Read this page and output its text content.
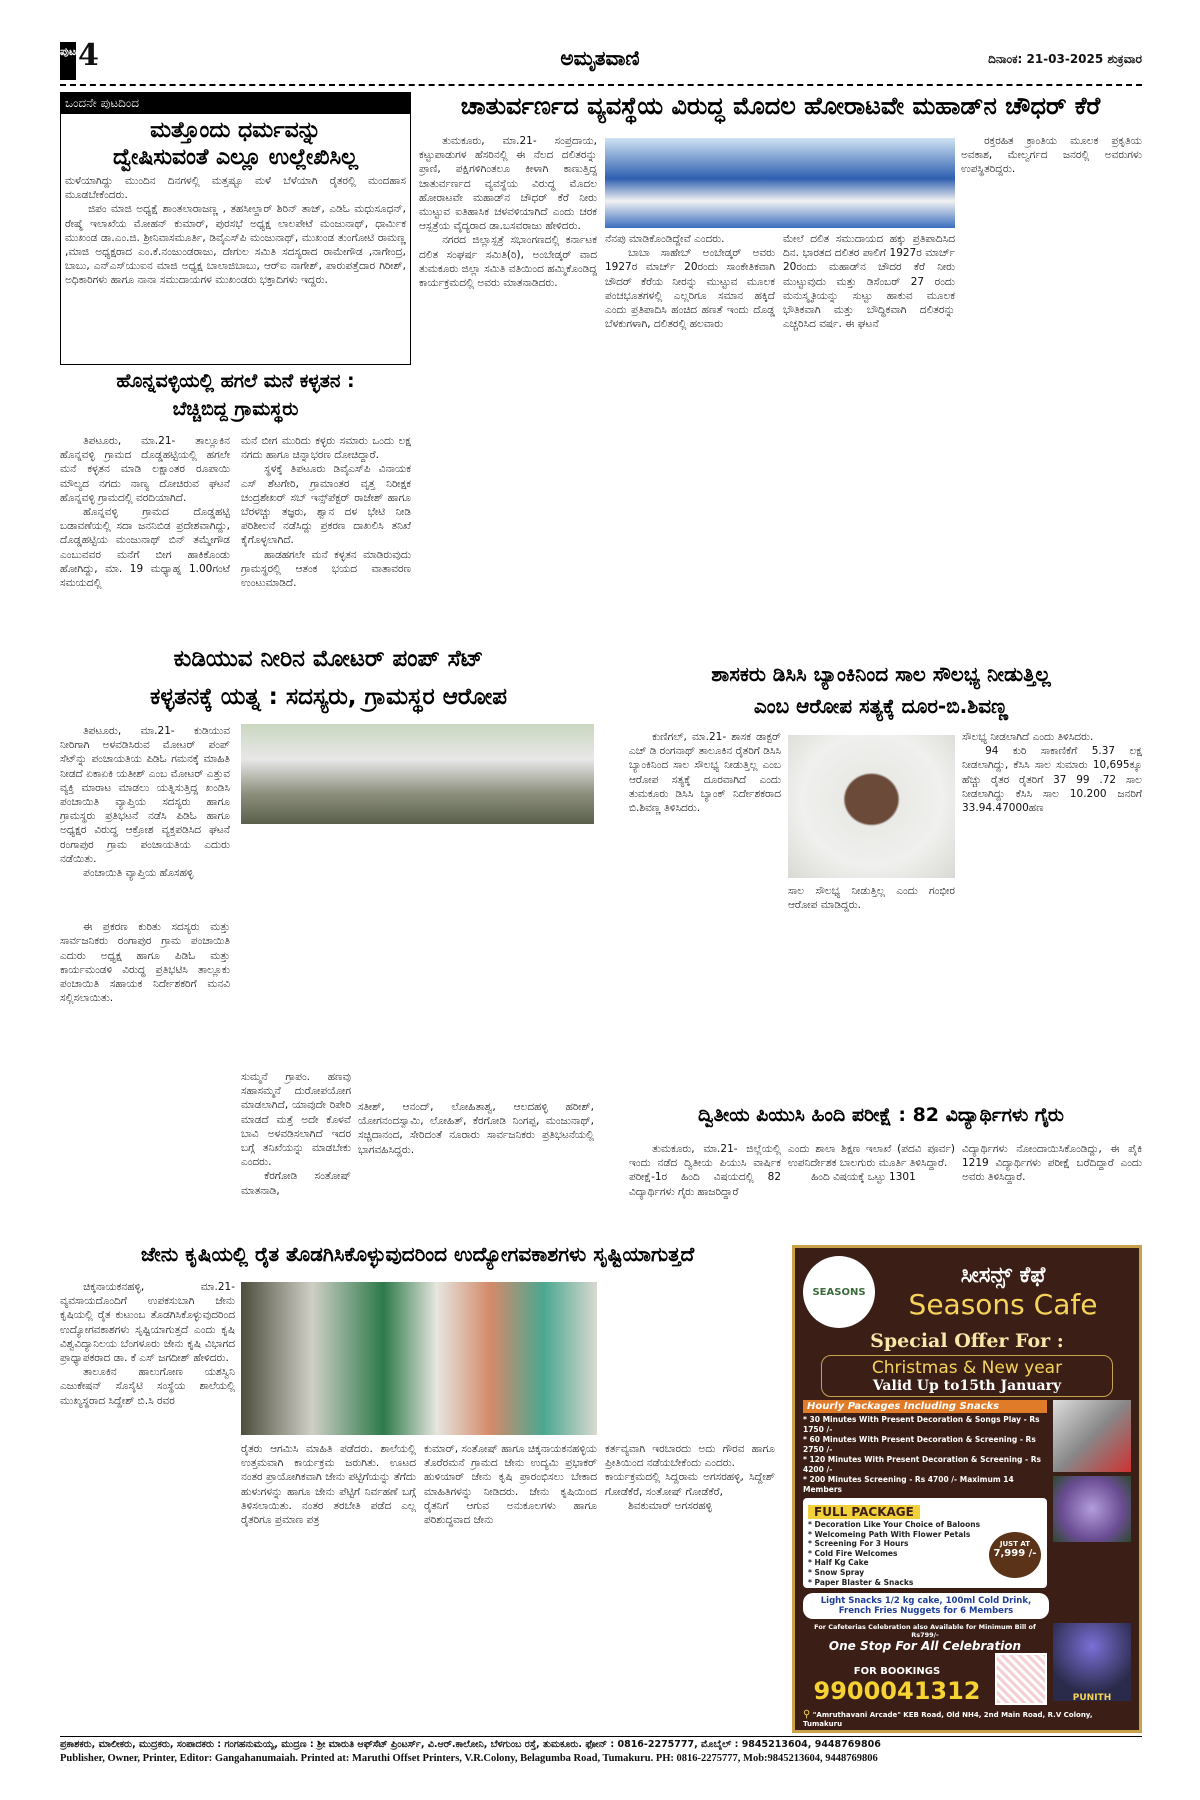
ಪುಟ 4	ಅಮೃತವಾಣಿ	ದಿನಾಂಕ: 21-03-2025 ಶುಕ್ರವಾರ
ಒಂದನೇ ಪುಟದಿಂದ
ಮತ್ತೊಂದು ಧರ್ಮವನ್ನು
ದ್ವೇಷಿಸುವಂತೆ ಎಲ್ಲೂ ಉಲ್ಲೇಖಿಸಿಲ್ಲ

ಮಳೆಯಾಗಿದ್ದು ಮುಂದಿನ ದಿನಗಳಲ್ಲಿ ಮತ್ತಷ್ಟೂ ಮಳೆ ಬೆಳೆಯಾಗಿ ರೈತರಲ್ಲಿ ಮಂದಹಾಸ ಮೂಡಬೇಕೆಂದರು.

ಜಿಪಂ ಮಾಜಿ ಅಧ್ಯಕ್ಷೆ ಶಾಂತಲಾರಾಜಣ್ಣ , ತಹಸೀಲ್ದಾರ್ ಶಿರಿನ್ ತಾಜ್, ಎಡಿಓ ಮಧುಸೂಧನ್, ರೇಷ್ಮೆ ಇಲಾಖೆಯ ಮೋಹನ್ ಕುಮಾರ್, ಪುರಸಭೆ ಅಧ್ಯಕ್ಷ ಲಾಲಪೇಟೆ ಮಂಜುನಾಥ್, ಧಾರ್ಮಿಕ ಮುಖಂಡ ಡಾ.ಎಂ.ಜಿ. ಶ್ರೀನಿವಾಸಮೂರ್ತಿ, ಡಿವೈಎಸ್‌ಪಿ ಮಂಜುನಾಥ್, ಮುಖಂಡ ತುಂಗೋಟಿ ರಾಮಣ್ಣ ,ಮಾಜಿ ಅಧ್ಯಕ್ಷರಾದ ಎಂ.ಕೆ.ನಂಜುಂಡರಾಜು, ದೇಗುಲ ಸಮಿತಿ ಸದಸ್ಯರಾದ ರಾಮೇಗೌಡ ,ನಾಗೇಂದ್ರ, ಬಾಬು, ಎನ್‌ಎಸ್‌ಯುಐನ ಮಾಜಿ ಅಧ್ಯಕ್ಷ ಬಾಲಾಜಿಬಾಬು, ಆರ್‌ಐ ನಾಗೇಶ್, ಪಾರುಪತ್ತೆದಾರ ಗಿರೀಶ್, ಅಧಿಕಾರಿಗಳು ಹಾಗೂ ನಾನಾ ಸಮುದಾಯಗಳ ಮುಖಂಡರು ಭಕ್ತಾದಿಗಳು ಇದ್ದರು.

ಚಾತುರ್ವರ್ಣದ ವ್ಯವಸ್ಥೆಯ ವಿರುದ್ಧ ಮೊದಲ ಹೋರಾಟವೇ ಮಹಾಡ್‌ನ ಚೌಧರ್ ಕೆರೆ

ತುಮಕೂರು, ಮಾ.21- ಸಂಪ್ರದಾಯ, ಕಟ್ಟುಪಾಡುಗಳ ಹೆಸರಿನಲ್ಲಿ ಈ ನೆಲದ ದಲಿತರನ್ನು ಪ್ರಾಣಿ, ಪಕ್ಷಿಗಳಿಗಿಂತಲೂ ಕೀಳಾಗಿ ಕಾಣುತ್ತಿದ್ದ ಚಾತುರ್ವರ್ಣದ ವ್ಯವಸ್ಥೆಯ ವಿರುದ್ಧ ಮೊದಲ ಹೋರಾಟವೇ ಮಹಾಡ್‌ನ ಚೌಧರ್ ಕೆರೆ ನೀರು ಮುಟ್ಟುವ ಐತಿಹಾಸಿಕ ಚಳವಳಿಯಾಗಿದೆ ಎಂದು ಚರಕ ಆಸ್ಪತ್ರೆಯ ವೈದ್ಯರಾದ ಡಾ.ಬಸವರಾಜು ಹೇಳಿದರು.

ನಗರದ ಜಿಲ್ಲಾಸ್ಪತ್ರೆ ಸಭಾಂಗಣದಲ್ಲಿ ಕರ್ನಾಟಕ ದಲಿತ ಸಂಘರ್ಷ ಸಮಿತಿ(ರಿ), ಅಂಬೇಡ್ಕರ್ ವಾದ ತುಮಕೂರು ಜಿಲ್ಲಾ ಸಮಿತಿ ವತಿಯಿಂದ ಹಮ್ಮಿಕೊಂಡಿದ್ದ ಕಾರ್ಯಕ್ರಮದಲ್ಲಿ ಅವರು ಮಾತನಾಡಿದರು.

ನೆನಪು ಮಾಡಿಕೊಂಡಿದ್ದೇವೆ ಎಂದರು.

ಬಾಬಾ ಸಾಹೇಬ್ ಅಂಬೇಡ್ಕರ್ ಅವರು 1927ರ ಮಾರ್ಚ್ 20ರಂದು ಸಾಂಕೇತಿಕವಾಗಿ ಚೌದರ್ ಕೆರೆಯ ನೀರನ್ನು ಮುಟ್ಟುವ ಮೂಲಕ ಪಂಚಭೂತಗಳಲ್ಲಿ ಎಲ್ಲರಿಗೂ ಸಮಾನ ಹಕ್ಕಿದೆ ಎಂದು ಪ್ರತಿಪಾದಿಸಿ ಹಂಚಿದ ಹಣತೆ ಇಂದು ದೊಡ್ಡ ಬೆಳಕುಗಳಾಗಿ, ದಲಿತರಲ್ಲಿ ಹಲವಾರು

ಮೇಲೆ ದಲಿತ ಸಮುದಾಯದ ಹಕ್ಕು ಪ್ರತಿಪಾದಿಸಿದ ದಿನ. ಭಾರತದ ದಲಿತರ ಪಾಲಿಗೆ 1927ರ ಮಾರ್ಚ್ 20ರಂದು ಮಹಾಡ್‌ನ ಚೌದರ ಕೆರೆ ನೀರು ಮುಟ್ಟುವುದು ಮತ್ತು ಡಿಸೆಂಬರ್ 27 ರಂದು ಮನುಸ್ಮೃತಿಯನ್ನು ಸುಟ್ಟು ಹಾಕುವ ಮೂಲಕ ಭೌತಿಕವಾಗಿ ಮತ್ತು ಬೌದ್ಧಿಕವಾಗಿ ದಲಿತರನ್ನು ಎಚ್ಚರಿಸಿದ ವರ್ಷ. ಈ ಘಟನೆ

ರಕ್ತರಹಿತ ಕ್ರಾಂತಿಯ ಮೂಲಕ ಪ್ರಕೃತಿಯ ಅವಕಾಶ, ಮೇಲ್ವರ್ಗದ ಜನರಲ್ಲಿ ಅವರುಗಳು ಉಪಸ್ಥಿತರಿದ್ದರು.

ಹೊನ್ನವಳ್ಳಿಯಲ್ಲಿ ಹಗಲೆ ಮನೆ ಕಳ್ಳತನ :
ಬೆಚ್ಚಿಬಿದ್ದ ಗ್ರಾಮಸ್ಥರು

ತಿಪಟೂರು, ಮಾ.21- ತಾಲ್ಲೂಕಿನ ಹೊನ್ನವಳ್ಳಿ ಗ್ರಾಮದ ದೊಡ್ಡಹಟ್ಟಿಯಲ್ಲಿ ಹಗಲೇ ಮನೆ ಕಳ್ಳತನ ಮಾಡಿ ಲಕ್ಷಾಂತರ ರೂಪಾಯಿ ಮೌಲ್ಯದ ನಗದು ನಾಣ್ಯ ದೋಚಿರುವ ಘಟನೆ ಹೊನ್ನವಳ್ಳಿ ಗ್ರಾಮದಲ್ಲಿ ವರದಿಯಾಗಿದೆ.

ಹೊನ್ನವಳ್ಳಿ ಗ್ರಾಮದ ದೊಡ್ಡಹಟ್ಟಿ ಬಡಾವಣೆಯಲ್ಲಿ ಸದಾ ಜನನಿಬಿಡ ಪ್ರದೇಶವಾಗಿದ್ದು, ದೊಡ್ಡಹಟ್ಟಿಯ ಮಂಜುನಾಥ್ ಬಿನ್ ತಮ್ಮೇಗೌಡ ಎಂಬುವವರ ಮನೆಗೆ ಬೀಗ ಹಾಕಿಕೊಂಡು ಹೋಗಿದ್ದು, ಮಾ. 19 ಮಧ್ಯಾಹ್ನ 1.00ಗಂಟೆ ಸಮಯದಲ್ಲಿ

ಮನೆ ಬೀಗ ಮುರಿದು ಕಳ್ಳರು ಸಮಾರು ಒಂದು ಲಕ್ಷ ನಗದು ಹಾಗೂ ಚಿನ್ನಾಭರಣ ದೋಚಿದ್ದಾರೆ.

ಸ್ಥಳಕ್ಕೆ ತಿಪಟೂರು ಡಿವೈಎಸ್‌ಪಿ ವಿನಾಯಕ ಎಸ್ ಶೆಟಗೇರಿ, ಗ್ರಾಮಾಂತರ ವೃತ್ತ ನಿರೀಕ್ಷಕ ಚಂದ್ರಶೇಖರ್ ಸಬ್ ಇನ್ಸ್‌ಪೆಕ್ಟರ್ ರಾಜೇಶ್ ಹಾಗೂ ಬೆರಳಚ್ಚು ತಜ್ಞರು, ಶ್ವಾನ ದಳ ಭೇಟಿ ನೀಡಿ ಪರಿಶೀಲನೆ ನಡೆಸಿದ್ದು ಪ್ರಕರಣ ದಾಖಲಿಸಿ ತನಿಖೆ ಕೈಗೊಳ್ಳಲಾಗಿದೆ.

ಹಾಡಹಗಲೇ ಮನೆ ಕಳ್ಳತನ ಮಾಡಿರುವುದು ಗ್ರಾಮಸ್ಥರಲ್ಲಿ ಆತಂಕ ಭಯದ ವಾತಾವರಣ ಉಂಟುಮಾಡಿದೆ.

ಕುಡಿಯುವ ನೀರಿನ ಮೋಟರ್ ಪಂಪ್ ಸೆಟ್
ಕಳ್ಳತನಕ್ಕೆ ಯತ್ನ : ಸದಸ್ಯರು, ಗ್ರಾಮಸ್ಥರ ಆರೋಪ

ತಿಪಟೂರು, ಮಾ.21- ಕುಡಿಯುವ ನೀರಿಗಾಗಿ ಅಳವಡಿಸಿರುವ ಮೋಟರ್ ಪಂಪ್ ಸೆಟ್‌ನ್ನು ಪಂಚಾಯತಿಯ ಪಿಡಿಓ ಗಮನಕ್ಕೆ ಮಾಹಿತಿ ನೀಡದೆ ಏಕಾಏಕಿ ಯತೀಶ್ ಎಂಬ ಮೋಟರ್ ಎತ್ತುವ ವ್ಯಕ್ತಿ ಮಾರಾಟ ಮಾಡಲು ಯತ್ನಿಸುತ್ತಿದ್ದ ಖಂಡಿಸಿ ಪಂಚಾಯಿತಿ ವ್ಯಾಪ್ತಿಯ ಸದಸ್ಯರು ಹಾಗೂ ಗ್ರಾಮಸ್ಥರು ಪ್ರತಿಭಟನೆ ನಡೆಸಿ ಪಿಡಿಓ ಹಾಗೂ ಅಧ್ಯಕ್ಷರ ವಿರುದ್ಧ ಆಕ್ರೋಶ ವ್ಯಕ್ತಪಡಿಸಿದ ಘಟನೆ ರಂಗಾಪುರ ಗ್ರಾಮ ಪಂಚಾಯತಿಯ ಎದುರು ನಡೆಯಿತು.

ಪಂಚಾಯಿತಿ ವ್ಯಾಪ್ತಿಯ ಹೊಸಹಳ್ಳಿ

ಈ ಪ್ರಕರಣ ಕುರಿತು ಸದಸ್ಯರು ಮತ್ತು ಸಾರ್ವಜನಿಕರು ರಂಗಾಪುರ ಗ್ರಾಮ ಪಂಚಾಯಿತಿ ಎದುರು ಅಧ್ಯಕ್ಷ ಹಾಗೂ ಪಿಡಿಓ ಮತ್ತು ಕಾರ್ಯಮಂಡಳಿ ವಿರುದ್ಧ ಪ್ರತಿಭಟಿಸಿ ತಾಲ್ಲೂಕು ಪಂಚಾಯಿತಿ ಸಹಾಯಕ ನಿರ್ದೇಶಕರಿಗೆ ಮನವಿ ಸಲ್ಲಿಸಲಾಯಿತು.

ಸುಮ್ಮನೆ ಗ್ರಾಪಂ. ಹಣವು ಸಹಾಸಮ್ಮನೆ ದುರೋಪಯೋಗ ಮಾಡಲಾಗಿದೆ, ಯಾವುದೇ ರಿಪೇರಿ ಮಾಡದೆ ಮತ್ತೆ ಅದೇ ಕೊಳವೆ ಬಾವಿ ಅಳವಡಿಸಲಾಗಿದೆ ಇದರ ಬಗ್ಗೆ ತನಿಖೆಯನ್ನು ಮಾಡಬೇಕು ಎಂದರು.

ಕೆರಗೋಡಿ ಸಂತೋಷ್ ಮಾತನಾಡಿ,

ಸತೀಶ್, ಆನಂದ್, ಲೋಹಿತಾಶ್ವ, ಆಲದಹಳ್ಳಿ ಹರೀಶ್, ಯೋಗನಂದಸ್ವಾಮಿ, ಲೋಹಿತ್, ಕೆರಗೋಡಿ ನಿಂಗಪ್ಪ, ಮಂಜುನಾಥ್, ಸಚ್ಚಿದಾನಂದ, ಸೇರಿದಂತೆ ನೂರಾರು ಸಾರ್ವಜನಿಕರು ಪ್ರತಿಭಟನೆಯಲ್ಲಿ ಭಾಗವಹಿಸಿದ್ದರು.

ಶಾಸಕರು ಡಿಸಿಸಿ ಬ್ಯಾಂಕಿನಿಂದ ಸಾಲ ಸೌಲಭ್ಯ ನೀಡುತ್ತಿಲ್ಲ
ಎಂಬ ಆರೋಪ ಸತ್ಯಕ್ಕೆ ದೂರ-ಬಿ.ಶಿವಣ್ಣ

ಕುಣಿಗಲ್, ಮಾ.21- ಶಾಸಕ ಡಾಕ್ಟರ್ ಎಚ್ ಡಿ ರಂಗನಾಥ್ ತಾಲೂಕಿನ ರೈತರಿಗೆ ಡಿಸಿಸಿ ಬ್ಯಾಂಕಿನಿಂದ ಸಾಲ ಸೌಲಭ್ಯ ನೀಡುತ್ತಿಲ್ಲ ಎಂಬ ಆರೋಪ ಸತ್ಯಕ್ಕೆ ದೂರವಾಗಿದೆ ಎಂದು ತುಮಕೂರು ಡಿಸಿಸಿ ಬ್ಯಾಂಕ್ ನಿರ್ದೇಶಕರಾದ ಬಿ.ಶಿವಣ್ಣ ತಿಳಿಸಿದರು.

ಸಾಲ ಸೌಲಭ್ಯ ನೀಡುತ್ತಿಲ್ಲ ಎಂದು ಗಂಭೀರ ಆರೋಪ ಮಾಡಿದ್ದರು.

ಸೌಲಭ್ಯ ನೀಡಲಾಗಿದೆ ಎಂದು ತಿಳಿಸಿದರು.

94 ಕುರಿ ಸಾಕಾಣಿಕೆಗೆ 5.37 ಲಕ್ಷ ನೀಡಲಾಗಿದ್ದು, ಕೆಸಿಸಿ ಸಾಲ ಸುಮಾರು 10,695ಕ್ಕೂ ಹೆಚ್ಚು ರೈತರ ರೈತರಿಗೆ 37 99 .72 ಸಾಲ ನೀಡಲಾಗಿದ್ದು ಕೆಸಿಸಿ ಸಾಲ 10.200 ಜನರಿಗೆ 33.94.47000ಹಣ

ದ್ವಿತೀಯ ಪಿಯುಸಿ ಹಿಂದಿ ಪರೀಕ್ಷೆ : 82 ವಿದ್ಯಾರ್ಥಿಗಳು ಗೈರು

ತುಮಕೂರು, ಮಾ.21- ಜಿಲ್ಲೆಯಲ್ಲಿ ಇಂದು ನಡೆದ ದ್ವಿತೀಯ ಪಿಯುಸಿ ವಾರ್ಷಿಕ ಪರೀಕ್ಷೆ-1ರ ಹಿಂದಿ ವಿಷಯದಲ್ಲಿ 82 ವಿದ್ಯಾರ್ಥಿಗಳು ಗೈರು ಹಾಜರಿದ್ದಾರೆ

ಎಂದು ಶಾಲಾ ಶಿಕ್ಷಣ ಇಲಾಖೆ (ಪದವಿ ಪೂರ್ವ) ಉಪನಿರ್ದೇಶಕ ಬಾಲಗುರು ಮೂರ್ತಿ ತಿಳಿಸಿದ್ದಾರೆ.

ಹಿಂದಿ ವಿಷಯಕ್ಕೆ ಒಟ್ಟು 1301

ವಿದ್ಯಾರ್ಥಿಗಳು ನೋಂದಾಯಿಸಿಕೊಂಡಿದ್ದು, ಈ ಪೈಕಿ 1219 ವಿದ್ಯಾರ್ಥಿಗಳು ಪರೀಕ್ಷೆ ಬರೆದಿದ್ದಾರೆ ಎಂದು ಅವರು ತಿಳಿಸಿದ್ದಾರೆ.

ಜೇನು ಕೃಷಿಯಲ್ಲಿ ರೈತ ತೊಡಗಿಸಿಕೊಳ್ಳುವುದರಿಂದ ಉದ್ಯೋಗವಕಾಶಗಳು ಸೃಷ್ಟಿಯಾಗುತ್ತದೆ

ಚಿಕ್ಕನಾಯಕನಹಳ್ಳಿ, ಮಾ.21- ವ್ಯವಸಾಯದೊಂದಿಗೆ ಉಪಕಸುಬಾಗಿ ಜೇನು ಕೃಷಿಯಲ್ಲಿ ರೈತ ಕುಟುಂಬ ತೊಡಗಿಸಿಕೊಳ್ಳುವುದರಿಂದ ಉದ್ಯೋಗವಕಾಶಗಳು ಸೃಷ್ಟಿಯಾಗುತ್ತದೆ ಎಂದು ಕೃಷಿ ವಿಶ್ವವಿದ್ಯಾನಿಲಯ ಬೆಂಗಳೂರು ಜೇನು ಕೃಷಿ ವಿಭಾಗದ ಪ್ರಾಧ್ಯಾಪಕರಾದ ಡಾ. ಕೆ ಎಸ್ ಜಗದೀಶ್ ಹೇಳಿದರು.

ತಾಲೂಕಿನ ಹಾಲುಗೋಣ ಯಶಸ್ವಿನಿ ಎಜುಕೇಷನ್ ಸೊಸೈಟಿ ಸಂಸ್ಥೆಯ ಶಾಲೆಯಲ್ಲಿ ಮುಖ್ಯಸ್ಥರಾದ ಸಿದ್ದೇಶ್ ಬಿ.ಸಿ ರವರ

ರೈತರು ಆಗಮಿಸಿ ಮಾಹಿತಿ ಪಡೆದರು. ಶಾಲೆಯಲ್ಲಿ ಉತ್ತಮವಾಗಿ ಕಾರ್ಯಕ್ರಮ ಜರುಗಿತು. ಊಟದ ನಂತರ ಪ್ರಾಯೋಗಿಕವಾಗಿ ಜೇನು ಪಟ್ಟಿಗೆಯನ್ನು ತೆಗೆದು ಹುಳುಗಳನ್ನು ಹಾಗೂ ಜೇನು ಪೆಟ್ಟಿಗೆ ನಿರ್ವಹಣೆ ಬಗ್ಗೆ ತಿಳಿಸಲಾಯಿತು. ನಂತರ ತರಬೇತಿ ಪಡೆದ ಎಲ್ಲ ರೈತರಿಗೂ ಪ್ರಮಾಣ ಪತ್ರ

ಕುಮಾರ್, ಸಂತೋಷ್ ಹಾಗೂ ಚಿಕ್ಕನಾಯಕನಹಳ್ಳಿಯ ತೊರೆರಮನೆ ಗ್ರಾಮದ ಜೇನು ಉದ್ಯಮಿ ಪ್ರಭಾಕರ್ ಹುಳಿಯಾರ್ ಜೇನು ಕೃಷಿ ಪ್ರಾರಂಭಿಸಲು ಬೇಕಾದ ಮಾಹಿತಿಗಳನ್ನು ನೀಡಿದರು. ಜೇನು ಕೃಷಿಯಿಂದ ರೈತನಿಗೆ ಆಗುವ ಅನುಕೂಲಗಳು ಹಾಗೂ ಪರಿಶುದ್ಧವಾದ ಜೇನು

ಕರ್ತವ್ಯವಾಗಿ ಇರಬಾರದು ಅದು ಗೌರವ ಹಾಗೂ ಪ್ರೀತಿಯಿಂದ ನಡೆಯಬೇಕೆಂದು ಎಂದರು.

ಕಾರ್ಯಕ್ರಮದಲ್ಲಿ ಸಿದ್ದರಾಮ ಅಗಸರಹಳ್ಳಿ, ಸಿದ್ದೇಶ್ ಗೋಡೆಕೆರೆ, ಸಂತೋಷ್ ಗೋಡೆಕೆರೆ,

ಶಿವಕುಮಾರ್ ಅಗಸರಹಳ್ಳಿ

SEASONS
ಸೀಸನ್ಸ್ ಕೆಫೆ
Seasons Cafe
Special Offer For :
Christmas & New year
Valid Up to15th January
Hourly Packages Including Snacks
* 30 Minutes With Present Decoration & Songs Play - Rs 1750 /-
* 60 Minutes With Present Decoration & Screening - Rs 2750 /-
* 120 Minutes With Present Decoration & Screening - Rs 4200 /-
* 200 Minutes Screening - Rs 4700 /- Maximum 14 Members
FULL PACKAGE
* Decoration Like Your Choice of Baloons
* Welcomeing Path With Flower Petals
* Screening For 3 Hours
* Cold Fire Welcomes
* Half Kg Cake
* Snow Spray
* Paper Blaster & Snacks
JUST AT
7,999 /-
Light Snacks 1/2 kg cake, 100ml Cold Drink, French Fries Nuggets for 6 Members
For Cafeterias Celebration also Available for Minimum Bill of Rs799/-
One Stop For All Celebration
FOR BOOKINGS
9900041312	PUNITH
⚲ "Amruthavani Arcade" KEB Road, Old NH4, 2nd Main Road, R.V Colony, Tumakuru
ಪ್ರಕಾಶಕರು, ಮಾಲೀಕರು, ಮುದ್ರಕರು, ಸಂಪಾದಕರು : ಗಂಗಹನುಮಯ್ಯ, ಮುದ್ರಣ : ಶ್ರೀ ಮಾರುತಿ ಆಫ್‌ಸೆಟ್ ಪ್ರಿಂಟರ್ಸ್, ವಿ.ಆರ್.ಕಾಲೋನಿ, ಬೆಳಗುಂಬ ರಸ್ತೆ, ತುಮಕೂರು. ಫೋನ್ : 0816-2275777, ಮೊಬೈಲ್ : 9845213604, 9448769806
Publisher, Owner, Printer, Editor: Gangahanumaiah. Printed at: Maruthi Offset Printers, V.R.Colony, Belagumba Road, Tumakuru. PH: 0816-2275777, Mob:9845213604, 9448769806
